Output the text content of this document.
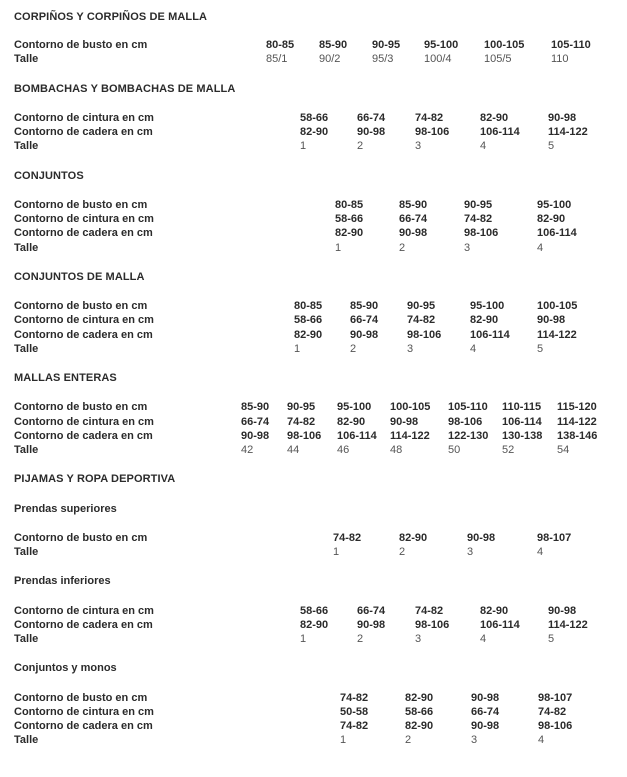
CORPIÑOS Y CORPIÑOS DE MALLA
Contorno de busto en cm
Talle
80-85 85-90 90-95 95-100 100-105 105-110
85/1	90/2	95/3	100/4	105/5	110
BOMBACHAS Y BOMBACHAS DE MALLA
Contorno de cintura en cm
Contorno de cadera en cm
Talle
58-66	66-74	74-82	82-90	90-98
82-90	90-98	98-106	106-114	114-122
1	2	3	4	5
CONJUNTOS
Contorno de busto en cm
Contorno de cintura en cm
Contorno de cadera en cm
Talle
80-85	85-90	90-95	95-100
58-66	66-74	74-82	82-90
82-90	90-98	98-106	106-114
1	2	3	4
CONJUNTOS DE MALLA
Contorno de busto en cm
Contorno de cintura en cm
Contorno de cadera en cm
Talle
80-85	85-90	90-95	95-100	100-105
58-66	66-74	74-82	82-90	90-98
82-90	90-98	98-106	106-114 114-122
1	2	3	4	5
MALLAS ENTERAS
Contorno de busto en cm
Contorno de cintura en cm
Contorno de cadera en cm
Talle
85-90 90-95 95-100 100-105 105-110 110-115 115-120
66-74 74-82 82-90 90-98	98-106 106-114 114-122
90-98 98-106 106-114 114-122 122-130 130-138 138-146
42	44	46	48	50	52	54
PIJAMAS Y ROPA DEPORTIVA
Prendas superiores
Contorno de busto en cm
Talle
74-82	82-90	90-98	98-107
1	2	3	4
Prendas inferiores
Contorno de cintura en cm
Contorno de cadera en cm
Talle
58-66	66-74	74-82	82-90	90-98
82-90	90-98	98-106	106-114	114-122
1	2	3	4	5
Conjuntos y monos
Contorno de busto en cm
Contorno de cintura en cm
Contorno de cadera en cm
Talle
74-82	82-90	90-98	98-107
50-58	58-66	66-74	74-82
74-82	82-90	90-98	98-106
1	2	3	4
